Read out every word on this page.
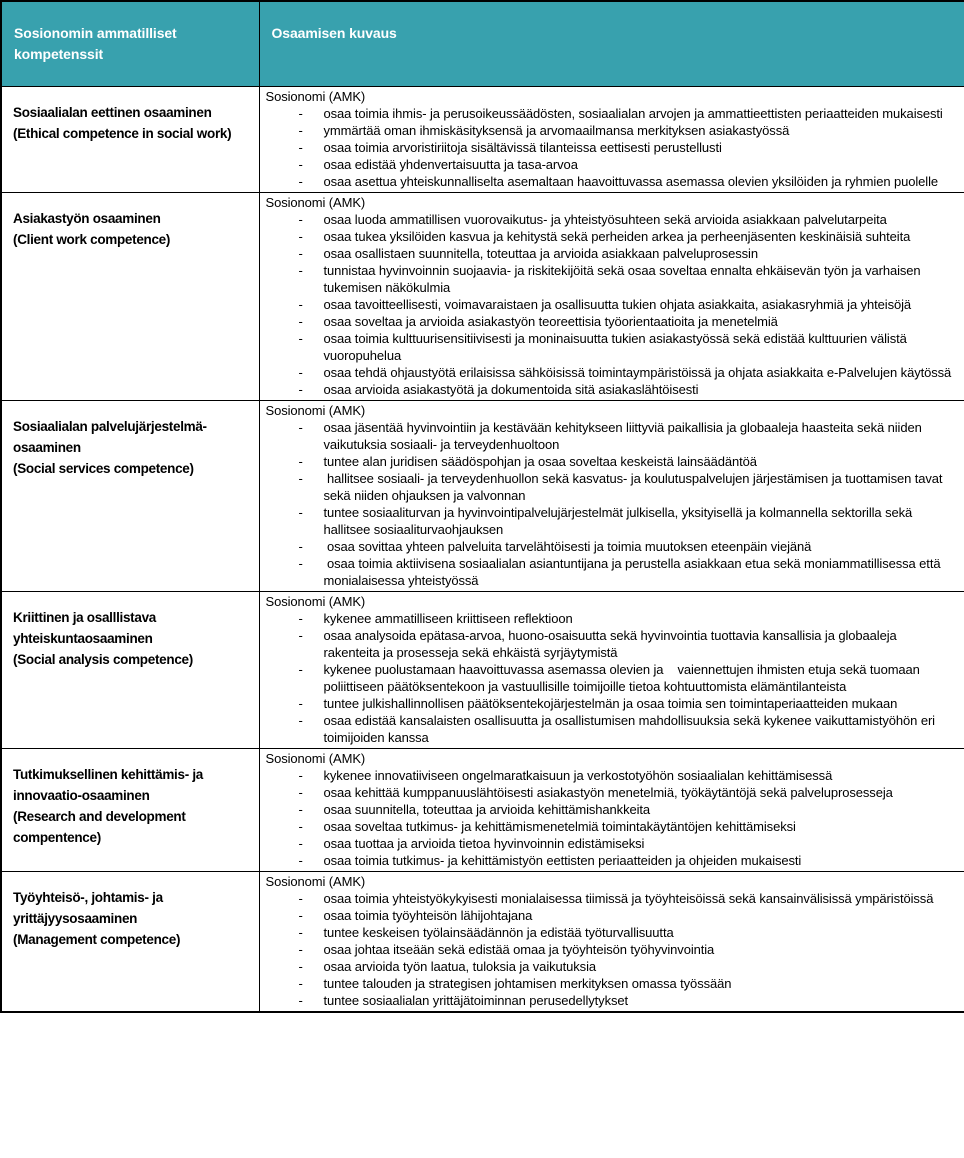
Sosionomin ammatilliset kompetenssit	Osaamisen kuvaus

Sosiaalialan eettinen osaaminen
(Ethical competence in social work)

Sosionomi (AMK)
- osaa toimia ihmis- ja perusoikeussäädösten, sosiaalialan arvojen ja ammattieettisten periaatteiden mukaisesti
- ymmärtää oman ihmiskäsityksensä ja arvomaailmansa merkityksen asiakastyössä
- osaa toimia arvoristiriitoja sisältävissä tilanteissa eettisesti perustellusti
- osaa edistää yhdenvertaisuutta ja tasa-arvoa
- osaa asettua yhteiskunnalliselta asemaltaan haavoittuvassa asemassa olevien yksilöiden ja ryhmien puolelle

Asiakastyön osaaminen
(Client work competence)

Sosionomi (AMK)
- osaa luoda ammatillisen vuorovaikutus- ja yhteistyösuhteen sekä arvioida asiakkaan palvelutarpeita
- osaa tukea yksilöiden kasvua ja kehitystä sekä perheiden arkea ja perheenjäsenten keskinäisiä suhteita
- osaa osallistaen suunnitella, toteuttaa ja arvioida asiakkaan palveluprosessin
- tunnistaa hyvinvoinnin suojaavia- ja riskitekijöitä sekä osaa soveltaa ennalta ehkäisevän työn ja varhaisen tukemisen näkökulmia
- osaa tavoitteellisesti, voimavaraistaen ja osallisuutta tukien ohjata asiakkaita, asiakasryhmiä ja yhteisöjä
- osaa soveltaa ja arvioida asiakastyön teoreettisia työorientaatioita ja menetelmiä
- osaa toimia kulttuurisensitiivisesti ja moninaisuutta tukien asiakastyössä sekä edistää kulttuurien välistä vuoropuhelua
- osaa tehdä ohjaustyötä erilaisissa sähköisissä toimintaympäristöissä ja ohjata asiakkaita e-Palvelujen käytössä
- osaa arvioida asiakastyötä ja dokumentoida sitä asiakaslähtöisesti

Sosiaalialan palvelujärjestelmä-osaaminen
(Social services competence)

Sosionomi (AMK)
- osaa jäsentää hyvinvointiin ja kestävään kehitykseen liittyviä paikallisia ja globaaleja haasteita sekä niiden vaikutuksia sosiaali- ja terveydenhuoltoon
- tuntee alan juridisen säädöspohjan ja osaa soveltaa keskeistä lainsäädäntöä
- hallitsee sosiaali- ja terveydenhuollon sekä kasvatus- ja koulutuspalvelujen järjestämisen ja tuottamisen tavat sekä niiden ohjauksen ja valvonnan
- tuntee sosiaaliturvan ja hyvinvointipalvelujärjestelmät julkisella, yksityisellä ja kolmannella sektorilla sekä hallitsee sosiaaliturvaohjauksen
- osaa sovittaa yhteen palveluita tarvelähtöisesti ja toimia muutoksen eteenpäin viejänä
- osaa toimia aktiivisena sosiaalialan asiantuntijana ja perustella asiakkaan etua sekä moniammatillisessa että monialaisessa yhteistyössä

Kriittinen ja osalllistava yhteiskuntaosaaminen
(Social analysis competence)

Sosionomi (AMK)
- kykenee ammatilliseen kriittiseen reflektioon
- osaa analysoida epätasa-arvoa, huono-osaisuutta sekä hyvinvointia tuottavia kansallisia ja globaaleja rakenteita ja prosesseja sekä ehkäistä syrjäytymistä
- kykenee puolustamaan haavoittuvassa asemassa olevien ja    vaiennettujen ihmisten etuja sekä tuomaan poliittiseen päätöksentekoon ja vastuullisille toimijoille tietoa kohtuuttomista elämäntilanteista
- tuntee julkishallinnollisen päätöksentekojärjestelmän ja osaa toimia sen toimintaperiaatteiden mukaan
- osaa edistää kansalaisten osallisuutta ja osallistumisen mahdollisuuksia sekä kykenee vaikuttamistyöhön eri toimijoiden kanssa

Tutkimuksellinen kehittämis- ja innovaatio-osaaminen
(Research and development compentence)

Sosionomi (AMK)
- kykenee innovatiiviseen ongelmaratkaisuun ja verkostotyöhön sosiaalialan kehittämisessä
- osaa kehittää kumppanuuslähtöisesti asiakastyön menetelmiä, työkäytäntöjä sekä palveluprosesseja
- osaa suunnitella, toteuttaa ja arvioida kehittämishankkeita
- osaa soveltaa tutkimus- ja kehittämismenetelmiä toimintakäytäntöjen kehittämiseksi
- osaa tuottaa ja arvioida tietoa hyvinvoinnin edistämiseksi
- osaa toimia tutkimus- ja kehittämistyön eettisten periaatteiden ja ohjeiden mukaisesti

Työyhteisö-, johtamis- ja yrittäjyysosaaminen
(Management competence)

Sosionomi (AMK)
- osaa toimia yhteistyökykyisesti monialaisessa tiimissä ja työyhteisöissä sekä kansainvälisissä ympäristöissä
- osaa toimia työyhteisön lähijohtajana
- tuntee keskeisen työlainsäädännön ja edistää työturvallisuutta
- osaa johtaa itseään sekä edistää omaa ja työyhteisön työhyvinvointia
- osaa arvioida työn laatua, tuloksia ja vaikutuksia
- tuntee talouden ja strategisen johtamisen merkityksen omassa työssään
- tuntee sosiaalialan yrittäjätoiminnan perusedellytykset
